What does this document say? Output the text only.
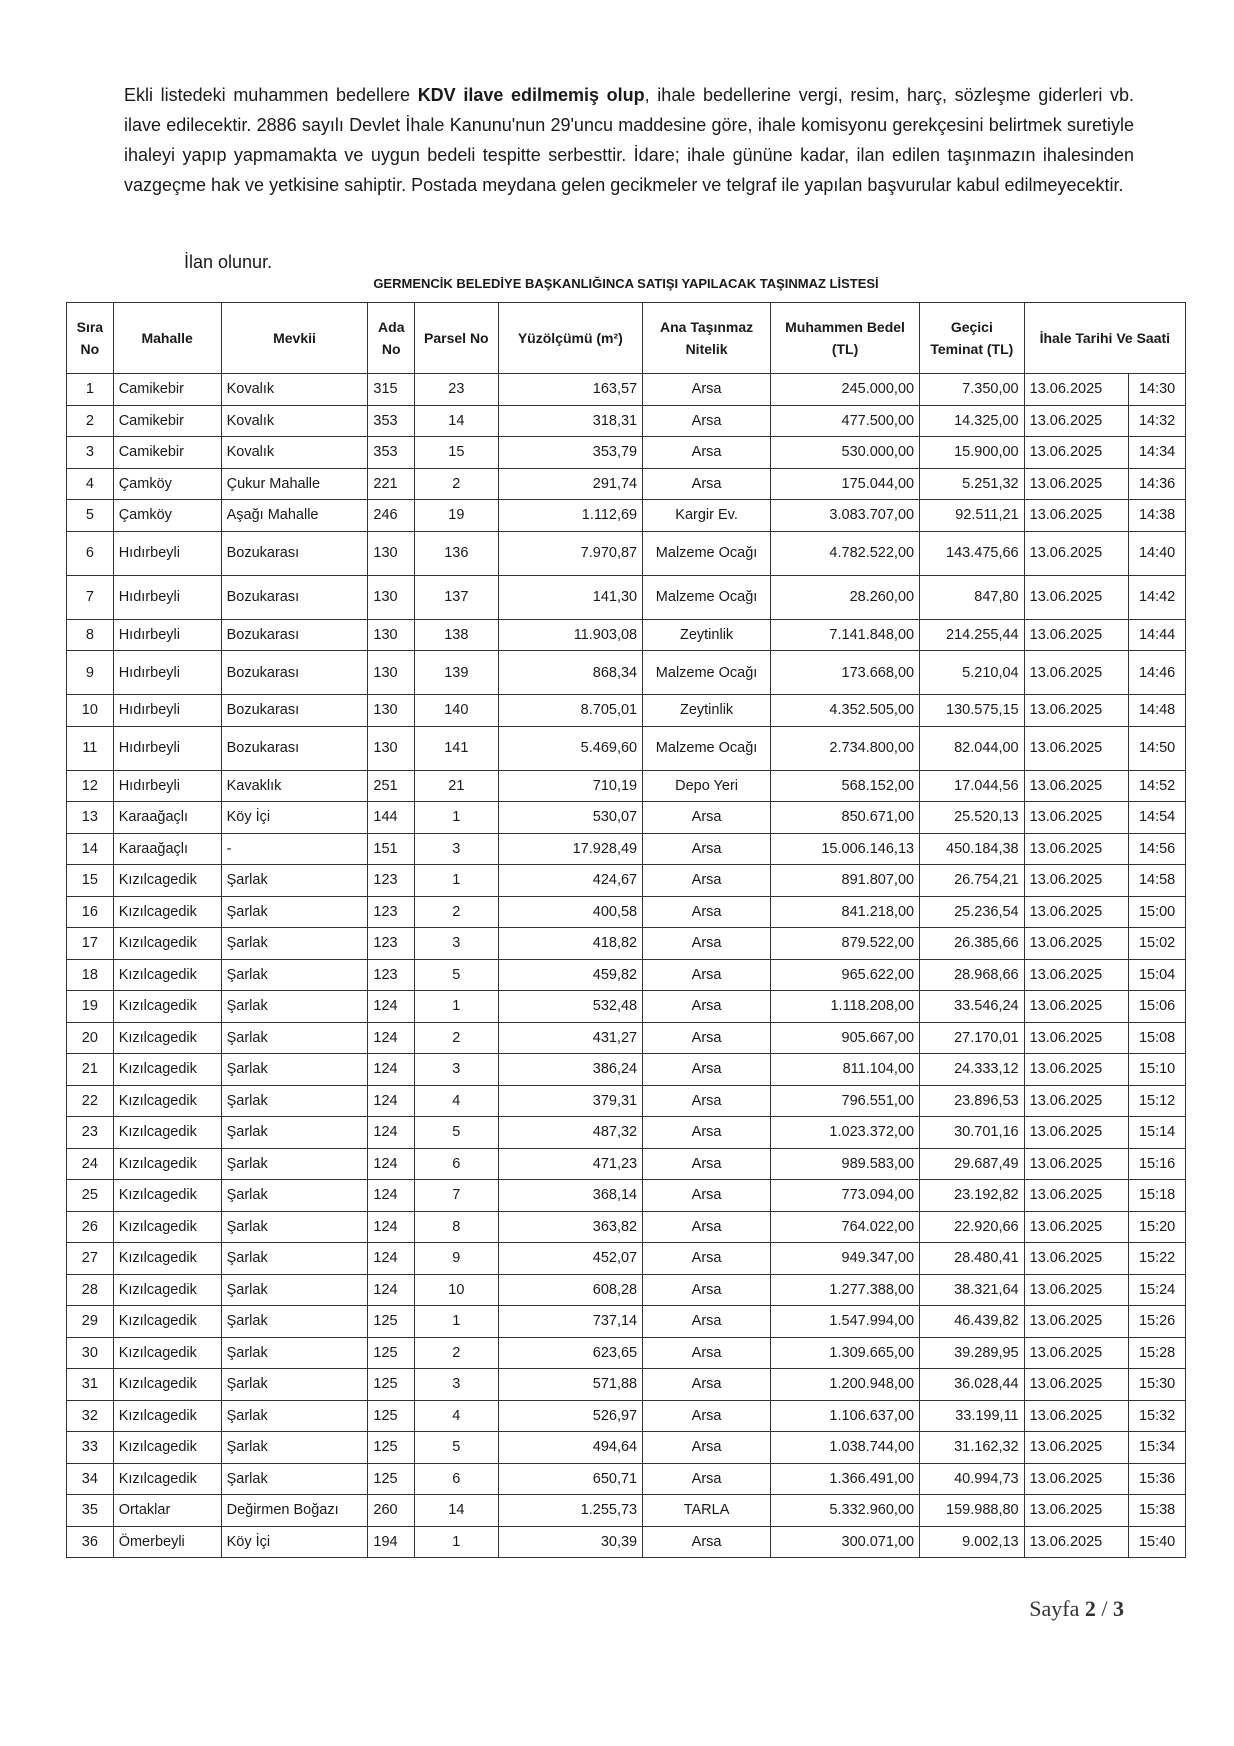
Ekli listedeki muhammen bedellere KDV ilave edilmemiş olup, ihale bedellerine vergi, resim, harç, sözleşme giderleri vb. ilave edilecektir. 2886 sayılı Devlet İhale Kanunu'nun 29'uncu maddesine göre, ihale komisyonu gerekçesini belirtmek suretiyle ihaleyi yapıp yapmamakta ve uygun bedeli tespitte serbesttir. İdare; ihale gününe kadar, ilan edilen taşınmazın ihalesinden vazgeçme hak ve yetkisine sahiptir. Postada meydana gelen gecikmeler ve telgraf ile yapılan başvurular kabul edilmeyecektir.

İlan olunur.

GERMENCİK BELEDİYE BAŞKANLIĞINCA SATIŞI YAPILACAK TAŞINMAZ LİSTESİ
Sıra No	Mahalle	Mevkii	Ada No	Parsel No	Yüzölçümü (m²)	Ana Taşınmaz Nitelik	Muhammen Bedel (TL)	Geçici Teminat (TL)	İhale Tarihi Ve Saati	
1	Camikebir	Kovalık	315	23	163,57	Arsa	245.000,00	7.350,00	13.06.2025	14:30
2	Camikebir	Kovalık	353	14	318,31	Arsa	477.500,00	14.325,00	13.06.2025	14:32
3	Camikebir	Kovalık	353	15	353,79	Arsa	530.000,00	15.900,00	13.06.2025	14:34
4	Çamköy	Çukur Mahalle	221	2	291,74	Arsa	175.044,00	5.251,32	13.06.2025	14:36
5	Çamköy	Aşağı Mahalle	246	19	1.112,69	Kargir Ev.	3.083.707,00	92.511,21	13.06.2025	14:38
6	Hıdırbeyli	Bozukarası	130	136	7.970,87	Malzeme Ocağı	4.782.522,00	143.475,66	13.06.2025	14:40
7	Hıdırbeyli	Bozukarası	130	137	141,30	Malzeme Ocağı	28.260,00	847,80	13.06.2025	14:42
8	Hıdırbeyli	Bozukarası	130	138	11.903,08	Zeytinlik	7.141.848,00	214.255,44	13.06.2025	14:44
9	Hıdırbeyli	Bozukarası	130	139	868,34	Malzeme Ocağı	173.668,00	5.210,04	13.06.2025	14:46
10	Hıdırbeyli	Bozukarası	130	140	8.705,01	Zeytinlik	4.352.505,00	130.575,15	13.06.2025	14:48
11	Hıdırbeyli	Bozukarası	130	141	5.469,60	Malzeme Ocağı	2.734.800,00	82.044,00	13.06.2025	14:50
12	Hıdırbeyli	Kavaklık	251	21	710,19	Depo Yeri	568.152,00	17.044,56	13.06.2025	14:52
13	Karaağaçlı	Köy İçi	144	1	530,07	Arsa	850.671,00	25.520,13	13.06.2025	14:54
14	Karaağaçlı	-	151	3	17.928,49	Arsa	15.006.146,13	450.184,38	13.06.2025	14:56
15	Kızılcagedik	Şarlak	123	1	424,67	Arsa	891.807,00	26.754,21	13.06.2025	14:58
16	Kızılcagedik	Şarlak	123	2	400,58	Arsa	841.218,00	25.236,54	13.06.2025	15:00
17	Kızılcagedik	Şarlak	123	3	418,82	Arsa	879.522,00	26.385,66	13.06.2025	15:02
18	Kızılcagedik	Şarlak	123	5	459,82	Arsa	965.622,00	28.968,66	13.06.2025	15:04
19	Kızılcagedik	Şarlak	124	1	532,48	Arsa	1.118.208,00	33.546,24	13.06.2025	15:06
20	Kızılcagedik	Şarlak	124	2	431,27	Arsa	905.667,00	27.170,01	13.06.2025	15:08
21	Kızılcagedik	Şarlak	124	3	386,24	Arsa	811.104,00	24.333,12	13.06.2025	15:10
22	Kızılcagedik	Şarlak	124	4	379,31	Arsa	796.551,00	23.896,53	13.06.2025	15:12
23	Kızılcagedik	Şarlak	124	5	487,32	Arsa	1.023.372,00	30.701,16	13.06.2025	15:14
24	Kızılcagedik	Şarlak	124	6	471,23	Arsa	989.583,00	29.687,49	13.06.2025	15:16
25	Kızılcagedik	Şarlak	124	7	368,14	Arsa	773.094,00	23.192,82	13.06.2025	15:18
26	Kızılcagedik	Şarlak	124	8	363,82	Arsa	764.022,00	22.920,66	13.06.2025	15:20
27	Kızılcagedik	Şarlak	124	9	452,07	Arsa	949.347,00	28.480,41	13.06.2025	15:22
28	Kızılcagedik	Şarlak	124	10	608,28	Arsa	1.277.388,00	38.321,64	13.06.2025	15:24
29	Kızılcagedik	Şarlak	125	1	737,14	Arsa	1.547.994,00	46.439,82	13.06.2025	15:26
30	Kızılcagedik	Şarlak	125	2	623,65	Arsa	1.309.665,00	39.289,95	13.06.2025	15:28
31	Kızılcagedik	Şarlak	125	3	571,88	Arsa	1.200.948,00	36.028,44	13.06.2025	15:30
32	Kızılcagedik	Şarlak	125	4	526,97	Arsa	1.106.637,00	33.199,11	13.06.2025	15:32
33	Kızılcagedik	Şarlak	125	5	494,64	Arsa	1.038.744,00	31.162,32	13.06.2025	15:34
34	Kızılcagedik	Şarlak	125	6	650,71	Arsa	1.366.491,00	40.994,73	13.06.2025	15:36
35	Ortaklar	Değirmen Boğazı	260	14	1.255,73	TARLA	5.332.960,00	159.988,80	13.06.2025	15:38
36	Ömerbeyli	Köy İçi	194	1	30,39	Arsa	300.071,00	9.002,13	13.06.2025	15:40
Sayfa 2 / 3
